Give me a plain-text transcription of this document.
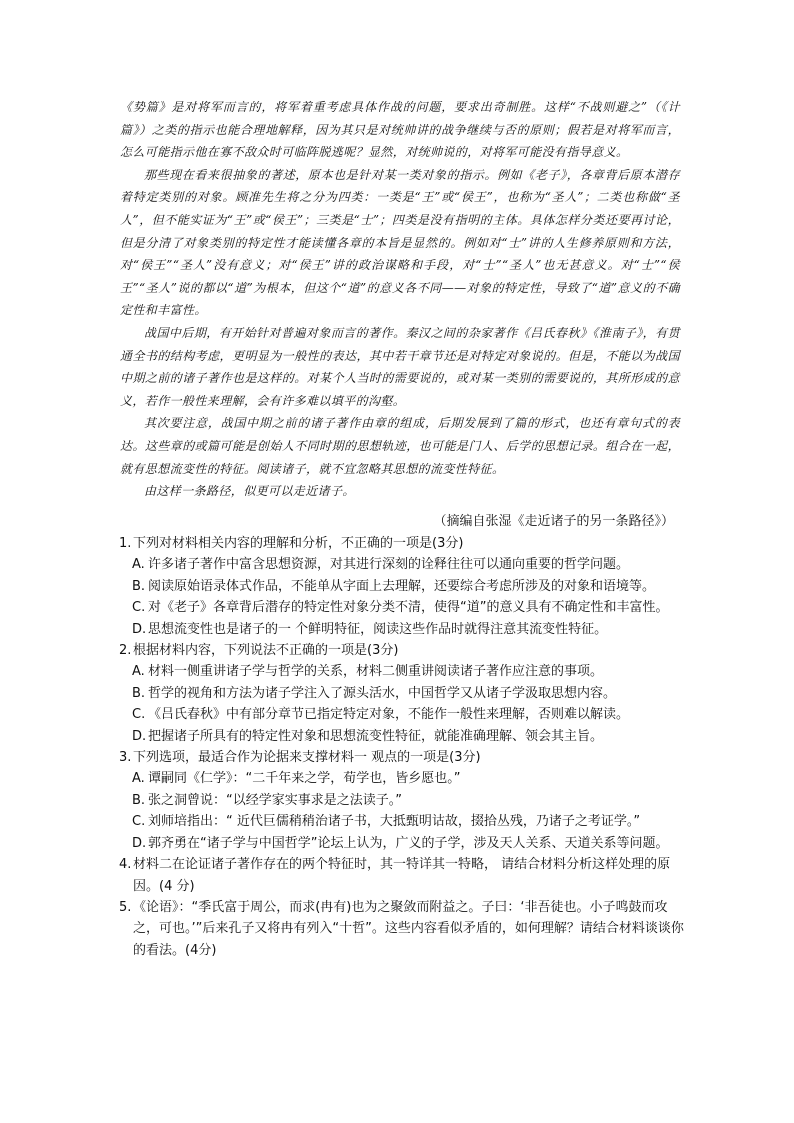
《势篇》是对将军而言的，将军着重考虑具体作战的问题，要求出奇制胜。这样“不战则避之”（《计篇》）之类的指示也能合理地解释，因为其只是对统帅讲的战争继续与否的原则；假若是对将军而言，怎么可能指示他在寡不敌众时可临阵脱逃呢？显然，对统帅说的，对将军可能没有指导意义。

那些现在看来很抽象的著述，原本也是针对某一类对象的指示。例如《老子》，各章背后原本潜存着特定类别的对象。顾准先生将之分为四类：一类是“王”或“侯王”，也称为“圣人”；二类也称做“圣人”，但不能实证为“王”或“侯王”；三类是“士”；四类是没有指明的主体。具体怎样分类还要再讨论，但是分清了对象类别的特定性才能读懂各章的本旨是显然的。例如对“士”讲的人生修养原则和方法，对“侯王”“圣人”没有意义；对“侯王”讲的政治谋略和手段，对“士”“圣人”也无甚意义。对“士”“侯王”“圣人”说的都以“道”为根本，但这个“道”的意义各不同——对象的特定性，导致了“道”意义的不确定性和丰富性。

战国中后期，有开始针对普遍对象而言的著作。秦汉之间的杂家著作《吕氏春秋》《淮南子》，有贯通全书的结构考虑，更明显为一般性的表达，其中若干章节还是对特定对象说的。但是，不能以为战国中期之前的诸子著作也是这样的。对某个人当时的需要说的，或对某一类别的需要说的，其所形成的意义，若作一般性来理解，会有许多难以填平的沟壑。

其次要注意，战国中期之前的诸子著作由章的组成，后期发展到了篇的形式，也还有章句式的表达。这些章的或篇可能是创始人不同时期的思想轨迹，也可能是门人、后学的思想记录。组合在一起，就有思想流变性的特征。阅读诸子，就不宜忽略其思想的流变性特征。

由这样一条路径，似更可以走近诸子。

（摘编自张湿《走近诸子的另一条路径》）
1. 下列对材料相关内容的理解和分析，不正确的一项是(3分)
A. 许多诸子著作中富含思想资源，对其进行深刻的诠释往往可以通向重要的哲学问题。
B. 阅读原始语录体式作品，不能单从字面上去理解，还要综合考虑所涉及的对象和语境等。
C. 对《老子》各章背后潜存的特定性对象分类不清，使得“道”的意义具有不确定性和丰富性。
D. 思想流变性也是诸子的一 个鲜明特征，阅读这些作品时就得注意其流变性特征。
2. 根据材料内容，下列说法不正确的一项是(3分)
A. 材料一侧重讲诸子学与哲学的关系，材料二侧重讲阅读诸子著作应注意的事项。
B. 哲学的视角和方法为诸子学注入了源头活水，中国哲学又从诸子学汲取思想内容。
C. 《吕氏春秋》中有部分章节已指定特定对象，不能作一般性来理解，否则难以解读。
D. 把握诸子所具有的特定性对象和思想流变性特征，就能准确理解、领会其主旨。
3. 下列选项，最适合作为论据来支撑材料一 观点的一项是(3分)
A. 谭嗣同《仁学》：“二千年来之学，荀学也，皆乡愿也。”
B. 张之洞曾说：“以经学家实事求是之法读子。”
C. 刘师培指出：“ 近代巨儒稍稍治诸子书，大抵甄明诂故，掇拾丛残，乃诸子之考证学。”
D. 郭齐勇在“诸子学与中国哲学”论坛上认为，广义的子学，涉及天人关系、天道关系等问题。
4. 材料二在论证诸子著作存在的两个特征时，其一特详其一特略， 请结合材料分析这样处理的原因。(4 分)
5. 《论语》：“季氏富于周公，而求(冉有)也为之聚敛而附益之。子曰：‘非吾徒也。小子鸣鼓而攻之，可也。’”后来孔子又将冉有列入“十哲”。这些内容看似矛盾的，如何理解？请结合材料谈谈你的看法。(4分)
